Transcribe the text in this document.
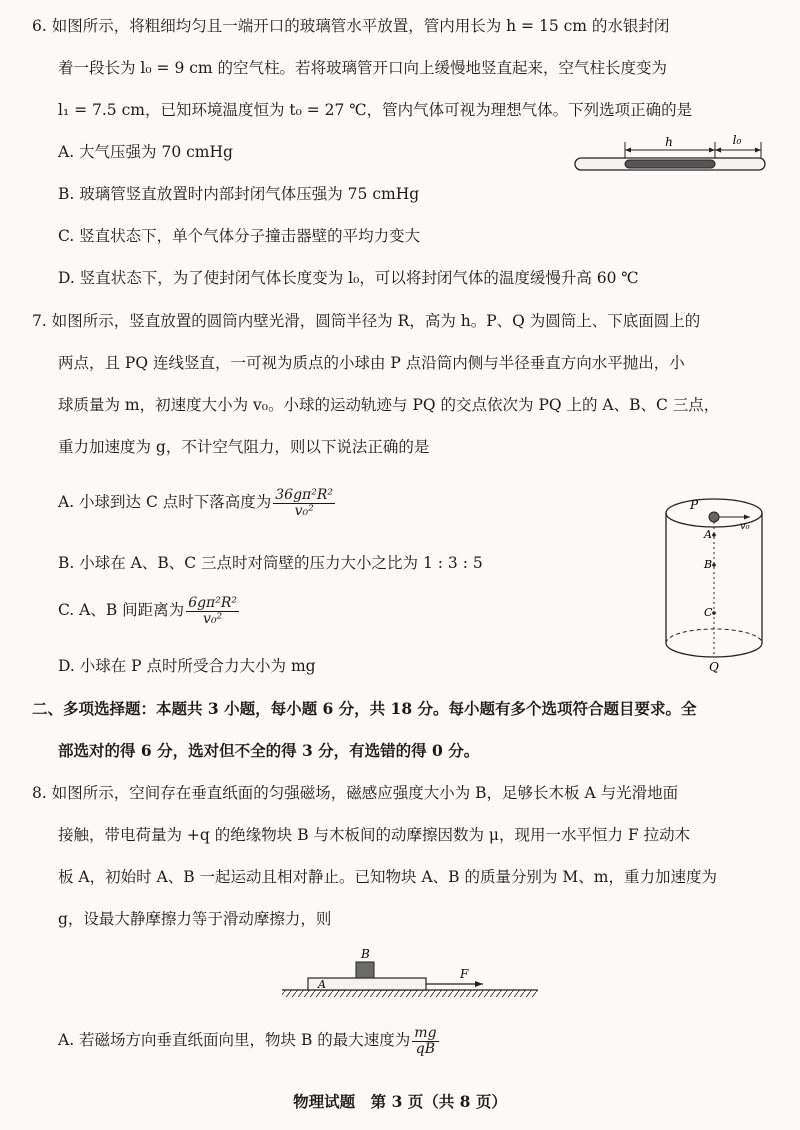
6. 如图所示，将粗细均匀且一端开口的玻璃管水平放置，管内用长为 h = 15 cm 的水银封闭
着一段长为 l₀ = 9 cm 的空气柱。若将玻璃管开口向上缓慢地竖直起来，空气柱长度变为
l₁ = 7.5 cm，已知环境温度恒为 t₀ = 27 ℃，管内气体可视为理想气体。下列选项正确的是
A. 大气压强为 70 cmHg
B. 玻璃管竖直放置时内部封闭气体压强为 75 cmHg
C. 竖直状态下，单个气体分子撞击器壁的平均力变大
D. 竖直状态下，为了使封闭气体长度变为 l₀，可以将封闭气体的温度缓慢升高 60 ℃
h	l₀
7. 如图所示，竖直放置的圆筒内壁光滑，圆筒半径为 R，高为 h。P、Q 为圆筒上、下底面圆上的
两点，且 PQ 连线竖直，一可视为质点的小球由 P 点沿筒内侧与半径垂直方向水平抛出，小
球质量为 m，初速度大小为 v₀。小球的运动轨迹与 PQ 的交点依次为 PQ 上的 A、B、C 三点，
重力加速度为 g，不计空气阻力，则以下说法正确的是
A. 小球到达 C 点时下落高度为 $\frac{\text{36gπ²R²}}{\text{v₀²}}$
B. 小球在 A、B、C 三点时对筒壁的压力大小之比为 1 : 3 : 5
C. A、B 间距离为 $\frac{\text{6gπ²R²}}{\text{v₀²}}$
D. 小球在 P 点时所受合力大小为 mg
P
A
B
C
Q
v₀
二、多项选择题：本题共 3 小题，每小题 6 分，共 18 分。每小题有多个选项符合题目要求。全
部选对的得 6 分，选对但不全的得 3 分，有选错的得 0 分。
8. 如图所示，空间存在垂直纸面的匀强磁场，磁感应强度大小为 B，足够长木板 A 与光滑地面
接触，带电荷量为 +q 的绝缘物块 B 与木板间的动摩擦因数为 μ，现用一水平恒力 F 拉动木
板 A，初始时 A、B 一起运动且相对静止。已知物块 A、B 的质量分别为 M、m，重力加速度为
g，设最大静摩擦力等于滑动摩擦力，则
A
B
F
A. 若磁场方向垂直纸面向里，物块 B 的最大速度为 $\frac{mg}{qB}$
物理试题　第 3 页（共 8 页）
